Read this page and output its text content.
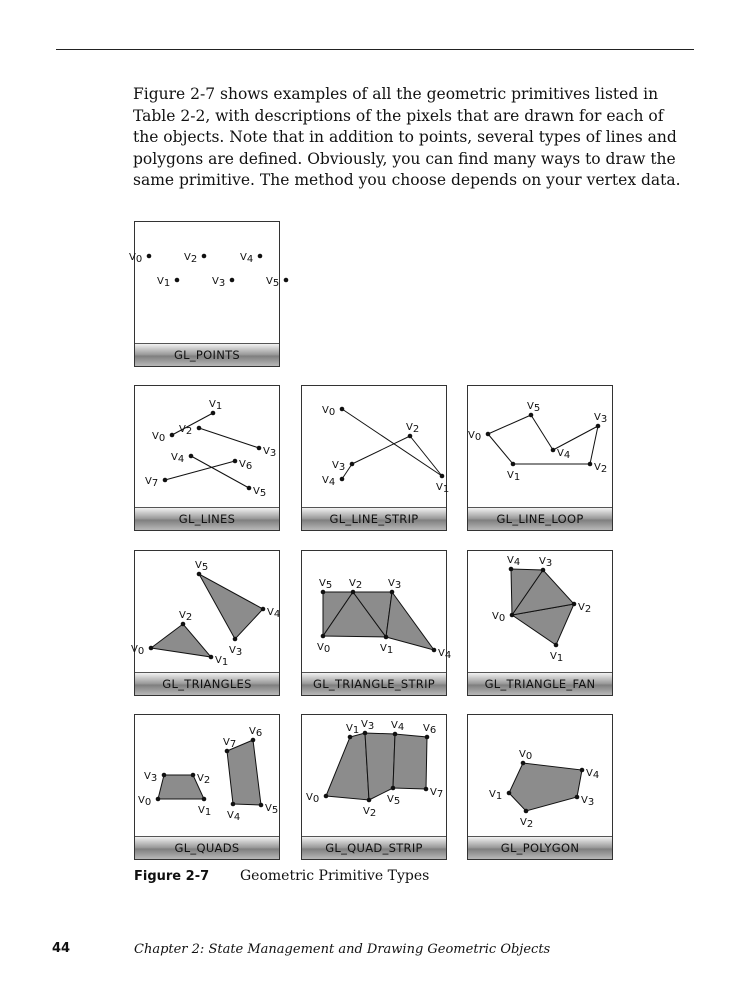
Figure 2-7 shows examples of all the geometric primitives listed in Table 2-2, with descriptions of the pixels that are drawn for each of the objects. Note that in addition to points, several types of lines and polygons are defined. Obviously, you can find many ways to draw the same primitive. The method you choose depends on your vertex data.

V0
V1
V2
V3
V4
V5
GL_POINTS
V0
V1
V2
V3
V4
V5
V6
V7
GL_LINES
V0
V1
V2
V3
V4
GL_LINE_STRIP
V0
V1
V2
V3
V4
V5
GL_LINE_LOOP
V0
V1
V2
V3
V4
V5
GL_TRIANGLES
V0	V1
V2	V3
V4
V5
GL_TRIANGLE_STRIP
V0
V1
V2
V3
V4
GL_TRIANGLE_FAN
V0
V1
V2
V3
V4
V5
V6
V7
GL_QUADS
V0
V1
V2
V3 V4
V5
V6
V7
GL_QUAD_STRIP
V0
V1
V2
V3
V4
GL_POLYGON
Figure 2-7 Geometric Primitive Types
44	Chapter 2: State Management and Drawing Geometric Objects
